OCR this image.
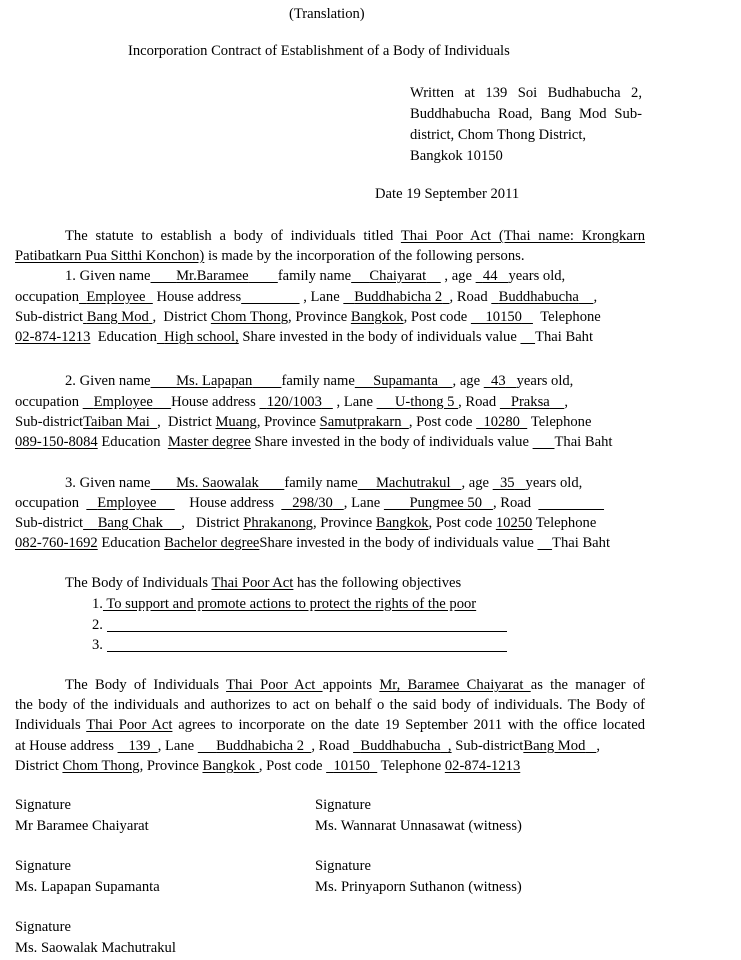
(Translation)
Incorporation Contract of Establishment of a Body of Individuals
Written at 139 Soi Budhabucha 2,
Buddhabucha Road, Bang Mod Sub-
district, Chom Thong District,
Bangkok 10150
Date 19 September 2011
The statute to establish a body of individuals titled Thai Poor Act (Thai name: Krongkarn
Patibatkarn Pua Sitthi Konchon) is made by the incorporation of the following persons.
1. Given name Mr.Baramee family name Chaiyarat , age 44 years old,
occupation Employee House address	, Lane Buddhabicha 2 , Road Buddhabucha ,
Sub-district Bang Mod , District Chom Thong, Province Bangkok, Post code 10150 Telephone
02-874-1213 Education High school, Share invested in the body of individuals value Thai Baht
2. Given name Ms. Lapapan family name Supamanta , age 43 years old,
occupation Employee House address 120/1003 , Lane U-thong 5 , Road Praksa ,
Sub-districtTaiban Mai , District Muang, Province Samutprakarn , Post code 10280 Telephone
089-150-8084 Education Master degree Share invested in the body of individuals value Thai Baht
3. Given name Ms. Saowalak family name Machutrakul , age 35 years old,
occupation Employee House address 298/30 , Lane Pungmee 50 , Road
Sub-district Bang Chak , District Phrakanong, Province Bangkok, Post code 10250 Telephone
082-760-1692 Education Bachelor degreeShare invested in the body of individuals value Thai Baht
The Body of Individuals Thai Poor Act has the following objectives
1. To support and promote actions to protect the rights of the poor
2.
3.
The Body of Individuals Thai Poor Act appoints Mr, Baramee Chaiyarat as the manager of
the body of the individuals and authorizes to act on behalf o the said body of individuals. The Body of
Individuals Thai Poor Act agrees to incorporate on the date 19 September 2011 with the office located
at House address    139 , Lane Buddhabicha 2 , Road Buddhabucha , Sub-districtBang Mod ,
District Chom Thong, Province Bangkok , Post code 10150 Telephone 02-874-1213
Signature
Mr Baramee Chaiyarat
Signature
Ms. Wannarat Unnasawat (witness)
Signature
Ms. Lapapan Supamanta
Signature
Ms. Prinyaporn Suthanon (witness)
Signature
Ms. Saowalak Machutrakul
